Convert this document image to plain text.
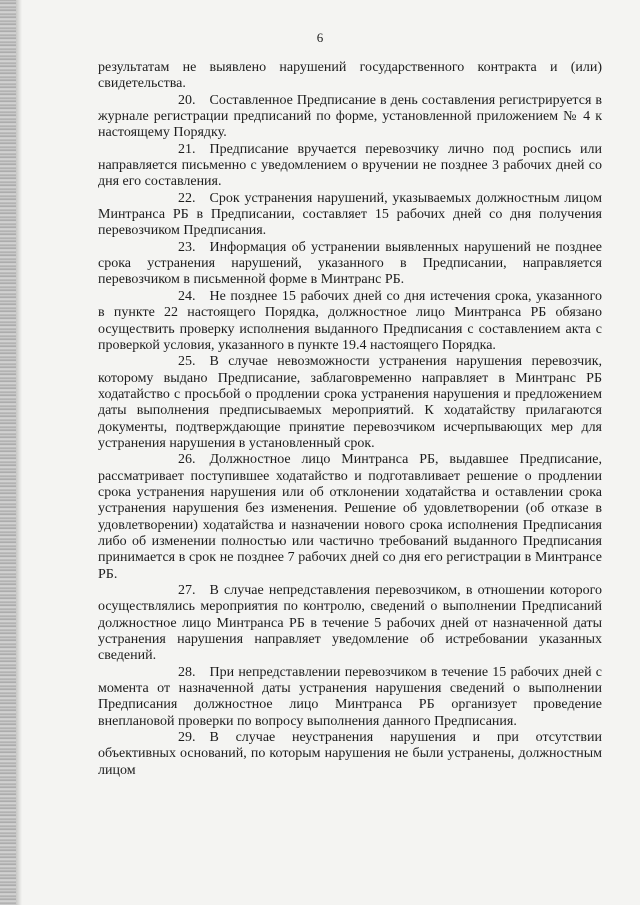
6

результатам не выявлено нарушений государственного контракта и (или) свидетельства.

20. Составленное Предписание в день составления регистрируется в журнале регистрации предписаний по форме, установленной приложением № 4 к настоящему Порядку.

21. Предписание вручается перевозчику лично под роспись или направляется письменно с уведомлением о вручении не позднее 3 рабочих дней со дня его составления.

22. Срок устранения нарушений, указываемых должностным лицом Минтранса РБ в Предписании, составляет 15 рабочих дней со дня получения перевозчиком Предписания.

23. Информация об устранении выявленных нарушений не позднее срока устранения нарушений, указанного в Предписании, направляется перевозчиком в письменной форме в Минтранс РБ.

24. Не позднее 15 рабочих дней со дня истечения срока, указанного в пункте 22 настоящего Порядка, должностное лицо Минтранса РБ обязано осуществить проверку исполнения выданного Предписания с составлением акта с проверкой условия, указанного в пункте 19.4 настоящего Порядка.

25. В случае невозможности устранения нарушения перевозчик, которому выдано Предписание, заблаговременно направляет в Минтранс РБ ходатайство с просьбой о продлении срока устранения нарушения и предложением даты выполнения предписываемых мероприятий. К ходатайству прилагаются документы, подтверждающие принятие перевозчиком исчерпывающих мер для устранения нарушения в установленный срок.

26. Должностное лицо Минтранса РБ, выдавшее Предписание, рассматривает поступившее ходатайство и подготавливает решение о продлении срока устранения нарушения или об отклонении ходатайства и оставлении срока устранения нарушения без изменения. Решение об удовлетворении (об отказе в удовлетворении) ходатайства и назначении нового срока исполнения Предписания либо об изменении полностью или частично требований выданного Предписания принимается в срок не позднее 7 рабочих дней со дня его регистрации в Минтрансе РБ.

27. В случае непредставления перевозчиком, в отношении которого осуществлялись мероприятия по контролю, сведений о выполнении Предписаний должностное лицо Минтранса РБ в течение 5 рабочих дней от назначенной даты устранения нарушения направляет уведомление об истребовании указанных сведений.

28. При непредставлении перевозчиком в течение 15 рабочих дней с момента от назначенной даты устранения нарушения сведений о выполнении Предписания должностное лицо Минтранса РБ организует проведение внеплановой проверки по вопросу выполнения данного Предписания.

29. В случае неустранения нарушения и при отсутствии объективных оснований, по которым нарушения не были устранены, должностным лицом
